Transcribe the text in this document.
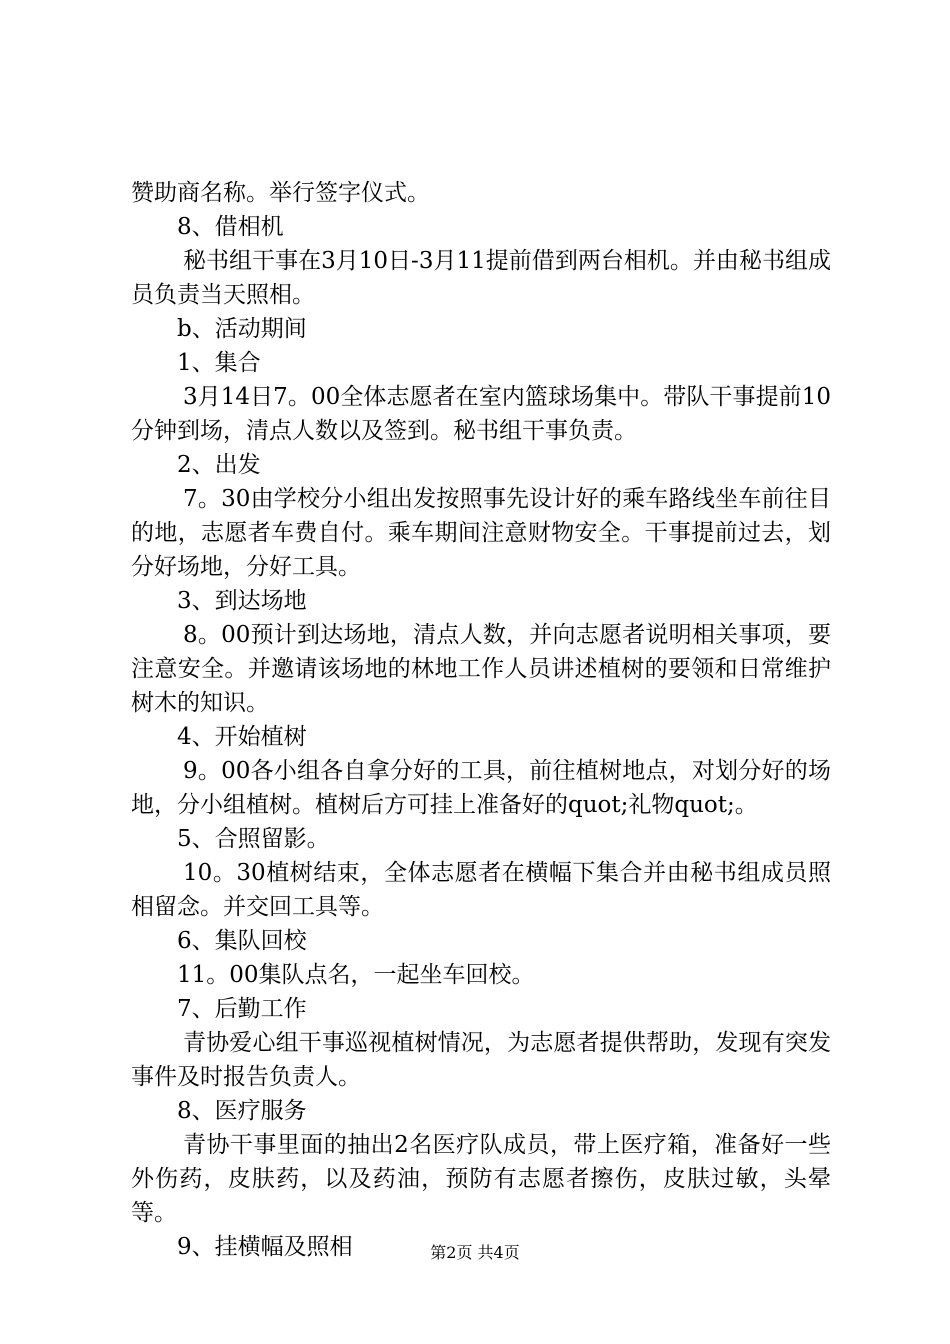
赞助商名称。举行签字仪式。

8、借相机

秘书组干事在3月10日-3月11提前借到两台相机。并由秘书组成员负责当天照相。

b、活动期间

1、集合

3月14日7。00全体志愿者在室内篮球场集中。带队干事提前10分钟到场，清点人数以及签到。秘书组干事负责。

2、出发

7。30由学校分小组出发按照事先设计好的乘车路线坐车前往目的地，志愿者车费自付。乘车期间注意财物安全。干事提前过去，划分好场地，分好工具。

3、到达场地

8。00预计到达场地，清点人数，并向志愿者说明相关事项，要注意安全。并邀请该场地的林地工作人员讲述植树的要领和日常维护树木的知识。

4、开始植树

9。00各小组各自拿分好的工具，前往植树地点，对划分好的场地，分小组植树。植树后方可挂上准备好的quot;礼物quot;。

5、合照留影。

10。30植树结束，全体志愿者在横幅下集合并由秘书组成员照相留念。并交回工具等。

6、集队回校

11。00集队点名，一起坐车回校。

7、后勤工作

青协爱心组干事巡视植树情况，为志愿者提供帮助，发现有突发事件及时报告负责人。

8、医疗服务

青协干事里面的抽出2名医疗队成员，带上医疗箱，准备好一些外伤药，皮肤药，以及药油，预防有志愿者擦伤，皮肤过敏，头晕等。

9、挂横幅及照相	第2页 共4页
